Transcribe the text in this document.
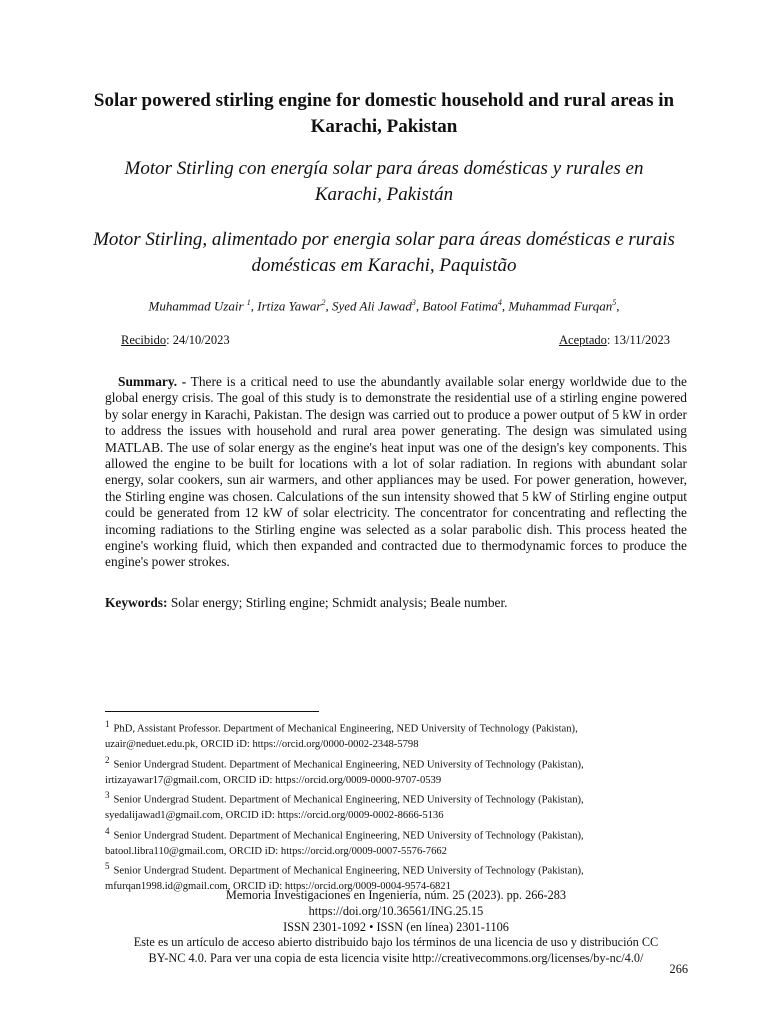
Solar powered stirling engine for domestic household and rural areas in Karachi, Pakistan
Motor Stirling con energía solar para áreas domésticas y rurales en Karachi, Pakistán
Motor Stirling, alimentado por energia solar para áreas domésticas e rurais domésticas em Karachi, Paquistão
Muhammad Uzair $^1$, Irtiza Yawar$^2$, Syed Ali Jawad$^3$, Batool Fatima$^4$, Muhammad Furqan$^5$,
Recibido: 24/10/2023	Aceptado: 13/11/2023
Summary. - There is a critical need to use the abundantly available solar energy worldwide due to the global energy crisis. The goal of this study is to demonstrate the residential use of a stirling engine powered by solar energy in Karachi, Pakistan. The design was carried out to produce a power output of 5 kW in order to address the issues with household and rural area power generating. The design was simulated using MATLAB. The use of solar energy as the engine's heat input was one of the design's key components. This allowed the engine to be built for locations with a lot of solar radiation. In regions with abundant solar energy, solar cookers, sun air warmers, and other appliances may be used. For power generation, however, the Stirling engine was chosen. Calculations of the sun intensity showed that 5 kW of Stirling engine output could be generated from 12 kW of solar electricity. The concentrator for concentrating and reflecting the incoming radiations to the Stirling engine was selected as a solar parabolic dish. This process heated the engine's working fluid, which then expanded and contracted due to thermodynamic forces to produce the engine's power strokes.
Keywords: Solar energy; Stirling engine; Schmidt analysis; Beale number.
$^1$ PhD, Assistant Professor. Department of Mechanical Engineering, NED University of Technology (Pakistan),
uzair@neduet.edu.pk, ORCID iD: https://orcid.org/0000-0002-2348-5798
$^2$ Senior Undergrad Student. Department of Mechanical Engineering, NED University of Technology (Pakistan),
irtizayawar17@gmail.com, ORCID iD: https://orcid.org/0009-0000-9707-0539
$^3$ Senior Undergrad Student. Department of Mechanical Engineering, NED University of Technology (Pakistan),
syedalijawad1@gmail.com, ORCID iD: https://orcid.org/0009-0002-8666-5136
$^4$ Senior Undergrad Student. Department of Mechanical Engineering, NED University of Technology (Pakistan),
batool.libra110@gmail.com, ORCID iD: https://orcid.org/0009-0007-5576-7662
$^5$ Senior Undergrad Student. Department of Mechanical Engineering, NED University of Technology (Pakistan),
mfurqan1998.id@gmail.com, ORCID iD: https://orcid.org/0009-0004-9574-6821
Memoria Investigaciones en Ingeniería, núm. 25 (2023). pp. 266-283
https://doi.org/10.36561/ING.25.15
ISSN 2301-1092 • ISSN (en línea) 2301-1106
Este es un artículo de acceso abierto distribuido bajo los términos de una licencia de uso y distribución CC
BY-NC 4.0. Para ver una copia de esta licencia visite http://creativecommons.org/licenses/by-nc/4.0/
266
